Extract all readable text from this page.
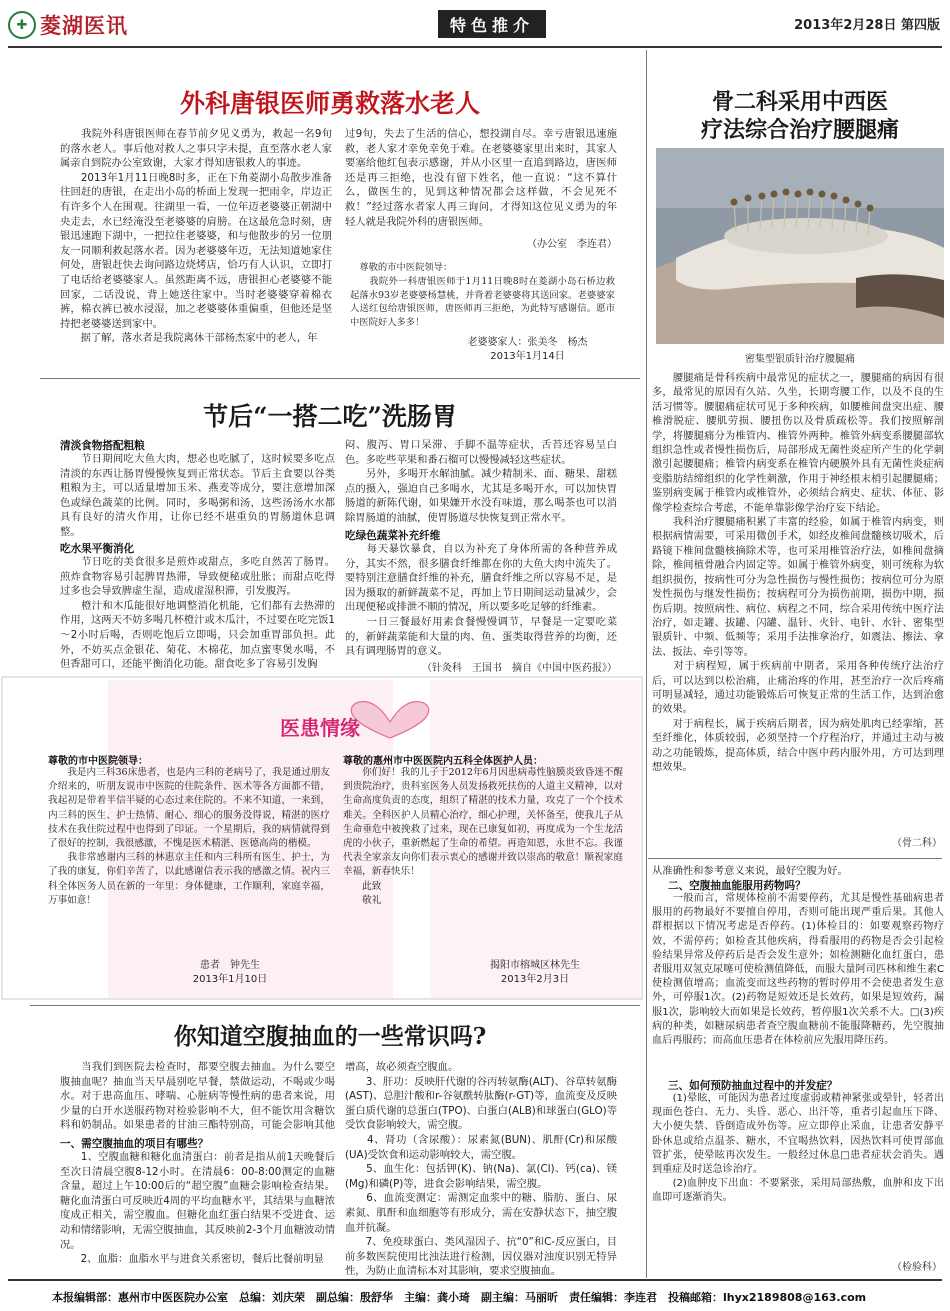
✚ 菱湖医讯	特色推介	2013年2月28日 第四版
外科唐银医师勇救落水老人
　　我院外科唐银医师在春节前夕见义勇为，救起一名9旬的落水老人。事后他对救人之事只字未提，直至落水老人家属亲自到院办公室致谢，大家才得知唐银救人的事迹。
　　2013年1月11日晚8时多，正在下角菱湖小岛散步准备往回赶的唐银，在走出小岛的桥面上发现一把雨伞，岸边正有许多个人在围观。往湖里一看，一位年迈老婆婆正朝湖中央走去，水已经淹没至老婆婆的肩膀。在这最危急时刻，唐银迅速跑下湖中，一把拉住老婆婆，和与他散步的另一位朋友一同顺利救起落水者。因为老婆婆年迈，无法知道她家住何处，唐银赶快去询问路边烧烤店，恰巧有人认识，立即打了电话给老婆婆家人。虽然距离不远，唐银担心老婆婆不能回家，二话没说，背上她送往家中。当时老婆婆穿着棉衣裤，棉衣裤已被水浸湿，加之老婆婆体重偏重，但他还是坚持把老婆婆送到家中。
　　据了解，落水者是我院离休干部杨杰家中的老人，年
过9旬，失去了生活的信心，想投湖自尽。幸亏唐银迅速施救，老人家才幸免幸免于难。在老婆婆家里出来时，其家人要塞给他红包表示感谢，并从小区里一直追到路边，唐医师还是再三拒绝，也没有留下姓名，他一直说：“这不算什么，做医生的，见到这种情况都会这样做，不会见死不救！”经过落水者家人再三询问，才得知这位见义勇为的年轻人就是我院外科的唐银医师。
（办公室　李连君）
　尊敬的市中医院领导：
　　我院外一科唐银医师于1月11日晚8时在菱湖小岛石桥边救起落水93岁老婆婆杨慧桃，并背着老婆婆将其送回家。老婆婆家人送红包给唐银医师，唐医师再三拒绝，为此特写感谢信。愿市中医院好人多多！
老婆婆家人：张美冬　杨杰
2013年1月14日
节后“一搭二吃”洗肠胃
清淡食物搭配粗粮
　　节日期间吃大鱼大肉，想必也吃腻了，这时候要多吃点清淡的东西让肠胃慢慢恢复到正常状态。节后主食要以谷类粗粮为主，可以适量增加玉米、燕麦等成分，要注意增加深色或绿色蔬菜的比例。同时，多喝粥和汤，这些汤汤水水都具有良好的清火作用，让你已经不堪重负的胃肠道休息调整。
吃水果平衡消化
　　节日吃的美食很多是煎炸或甜点，多吃自然苦了肠胃。煎炸食物容易引起脾胃热滞，导致便秘或肚胀；而甜点吃得过多也会导致脾虚生湿，造成虚湿积滞，引发腹泻。
　　橙汁和木瓜能很好地调整消化机能，它们都有去热滞的作用，这两天不妨多喝几杯橙汁或木瓜汁，不过要在吃完饭1～2小时后喝，否则吃饱后立即喝，只会加重胃部负担。此外，不妨买点金银花、菊花、木棉花，加点蜜枣煲水喝，不但香甜可口，还能平衡消化功能。甜食吃多了容易引发胸
闷、腹泻、胃口呆滞、手脚不温等症状，舌苔还容易呈白色。多吃些苹果和番石榴可以慢慢减轻这些症状。
　　另外，多喝开水解油腻。减少精制米、面、糖果、甜糕点的摄入，强迫自己多喝水，尤其是多喝开水，可以加快胃肠道的新陈代谢，如果嫌开水没有味道，那么喝茶也可以消除胃肠道的油腻，使胃肠道尽快恢复到正常水平。
吃绿色蔬菜补充纤维
　　每天暴饮暴食，自以为补充了身体所需的各种营养成分，其实不然，很多膳食纤维都在你的大鱼大肉中流失了。要特别注意膳食纤维的补充，膳食纤维之所以容易不足，是因为摄取的新鲜蔬菜不足，再加上节日期间运动量减少，会出现便秘或排泄不顺的情况，所以要多吃足够的纤维素。
　　一日三餐最好用素食餐慢慢调节，早餐是一定要吃菜的，新鲜蔬菜能和大量的肉、鱼、蛋类取得营养的均衡，还具有调理肠胃的意义。
（针灸科　王国书　摘自《中国中医药报》）
医患情缘
尊敬的市中医院领导：
　　我是内三科36床患者，也是内三科的老病号了，我是通过朋友介绍来的，听朋友说市中医院的住院条件、医术等各方面都不错，我起初是带着半信半疑的心态过来住院的。不来不知道，一来到，内三科的医生、护士热情、耐心、细心的服务没得说，精湛的医疗技术在我住院过程中也得到了印证。一个星期后，我的病情就得到了很好的控制，我很感激，不愧是医术精湛、医德高尚的楷模。
　　我非常感谢内三科的林惠京主任和内三科所有医生、护士，为了我的康复，你们辛苦了，以此感谢信表示我的感激之情。祝内三科全体医务人员在新的一年里：身体健康，工作顺利，家庭幸福，万事如意！
患者　钟先生
2013年1月10日
尊敬的惠州市中医医院内五科全体医护人员：
　　你们好！我的儿子于2012年6月因患病毒性脑膜炎致昏迷不醒到贵院治疗，贵科室医务人员发扬救死扶伤的人道主义精神，以对生命高度负责的态度，组织了精湛的技术力量，攻克了一个个技术难关。全科医护人员精心治疗，细心护理，关怀备至，使我儿子从生命垂危中被挽救了过来，现在已康复如初，再度成为一个生龙活虎的小伙子，重新燃起了生命的希望。再造知恩，永世不忘。我谨代表全家亲友向你们表示衷心的感谢并致以崇高的敬意！顺祝家庭幸福，新春快乐！
　　此致
　　敬礼
揭阳市榕城区林先生
2013年2月3日
你知道空腹抽血的一些常识吗?
　　当我们到医院去检查时，都要空腹去抽血。为什么要空腹抽血呢？抽血当天早晨别吃早餐，禁做运动，不喝或少喝水。对于患高血压、哮喘、心脏病等慢性病的患者来说，用少量的白开水送服药物对检验影响不大，但不能饮用含糖饮料和奶制品。如果患者的甘油三酯特别高，可能会影响其他
一、需空腹抽血的项目有哪些？
　　1、空腹血糖和糖化血清蛋白：前者是指从前1天晚餐后至次日清晨空腹8-12小时。在清晨6：00-8:00测定的血糖含量，超过上午10:00后的“超空腹”血糖会影响检查结果。糖化血清蛋白可反映近4周的平均血糖水平，其结果与血糖浓度成正相关，需空腹血。但糖化血红蛋白结果不受进食、运动和情绪影响，无需空腹抽血，其反映前2-3个月血糖波动情况。
　　2、血脂：血脂水平与进食关系密切，餐后比餐前明显
增高，故必须查空腹血。
　　3、肝功：反映肝代谢的谷丙转氨酶(ALT)、谷草转氨酶(AST)、总胆汁酸和r-谷氨酰转肽酶(r-GT)等，血流变及反映蛋白质代谢的总蛋白(TPO)、白蛋白(ALB)和球蛋白(GLO)等受饮食影响较大，需空腹。
　　4、肾功（含尿酸）：尿素氮(BUN)、肌酐(Cr)和尿酸(UA)受饮食和运动影响较大，需空腹。
　　5、血生化：包括钾(K)、钠(Na)、氯(Cl)、钙(ca)、镁(Mg)和磷(P)等，进食会影响结果，需空腹。
　　6、血流变测定：需测定血浆中的糖、脂肪、蛋白、尿素氮、肌酐和血细胞等有形成分，需在安静状态下，抽空腹血并抗凝。
　　7、免疫球蛋白、类风湿因子、抗“0”和C-反应蛋白，目前多数医院使用比浊法进行检测，因仪器对浊度识别无特异性，为防止血清标本对其影响，要求空腹抽血。

骨二科采用中西医
疗法综合治疗腰腿痛
密集型银质针治疗腰腿痛
　　腰腿痛是骨科疾病中最常见的症状之一，腰腿痛的病因有很多，最常见的原因有久站、久坐，长期弯腰工作，以及不良的生活习惯等。腰腿痛症状可见于多种疾病，如腰椎间盘突出症、腰椎滑脱症、腰肌劳损、腰扭伤以及骨质疏松等。我们按照解剖学，将腰腿痛分为椎管内、椎管外两种。椎管外病变系腰腿部软组织急性或者慢性损伤后，局部形成无菌性炎症所产生的化学刺激引起腰腿痛；椎管内病变系在椎管内硬膜外具有无菌性炎症病变脂肪结缔组织的化学性刺激，作用于神经根末梢引起腰腿痛；鉴别病变属于椎管内或椎管外，必须结合病史、症状、体征、影像学检查综合考虑，不能单靠影像学治疗妄下结论。
　　我科治疗腰腿痛积累了丰富的经验，如属于椎管内病变，则根据病情需要，可采用微创手术，如经皮椎间盘髓核切吸术，后路镜下椎间盘髓核摘除术等，也可采用椎管治疗法，如椎间盘摘除，椎间植骨融合内固定等。如属于椎管外病变，则可统称为软组织损伤，按病性可分为急性损伤与慢性损伤；按病位可分为原发性损伤与继发性损伤；按病程可分为损伤前期，损伤中期，损伤后期。按照病性、病位、病程之不同，综合采用传统中医疗法治疗，如走罐、拔罐、闪罐、温针、火针、电针、水针、密集型银质针、中频、低频等；采用手法推拿治疗，如震法、擦法、拿法、扳法、牵引等等。
　　对于病程短，属于疾病前中期者，采用各种传统疗法治疗后，可以达到以松治痛，止痛治疼的作用，甚至治疗一次后疼痛可明显减轻，通过功能锻炼后可恢复正常的生活工作，达到治愈的效果。
　　对于病程长，属于疾病后期者，因为病处肌肉已经挛缩，甚至纤维化，体质较弱，必须坚持一个疗程治疗，并通过主动与被动之功能锻炼，提高体质，结合中医中药内服外用，方可达到理想效果。
（骨二科）
从准确性和参考意义来说，最好空腹为好。
二、空腹抽血能服用药物吗？
　　一般而言，常规体检前不需要停药，尤其是慢性基础病患者服用的药物最好不要擅自停用，否则可能出现严重后果。其他人群根据以下情况考虑是否停药。(1)体检目的：如要观察药物疗效，不需停药；如检查其他疾病，得看服用的药物是否会引起检验结果异常及停药后是否会发生意外；如检测糖化血红蛋白，患者服用双氢克尿噻可使检测值降低，而服大量阿司匹林和维生素C使检测值增高；血流变而这些药物的暂时停用不会使患者发生意外，可停服1次。(2)药物是短效还是长效药，如果是短效药，漏服1次，影响较大而如果是长效药，暂停服1次关系不大。□(3)疾病的种类，如糖尿病患者查空腹血糖前不能服降糖药，先空腹抽血后再服药；而高血压患者在体检前应先服用降压药。
三、如何预防抽血过程中的并发症？
　　(1)晕眩，可能因为患者过度虚弱或精神紧张或晕针，轻者出现面色苍白、无力、头昏、恶心、出汗等，重者引起血压下降、大小便失禁、昏倒造成外伤等。应立即停止采血，让患者安静平卧休息或给点温茶、糖水，不宜喝热饮料，因热饮料可使胃部血管扩张，使晕眩再次发生。一般经过休息□患者症状会消失。遇到重症及时送急诊治疗。
　　(2)血肿皮下出血：不要紧张，采用局部热敷，血肿和皮下出血即可逐渐消失。
（检验科）
本报编辑部：惠州市中医医院办公室　总编：刘庆荣　副总编：殷舒华　主编：龚小琦　副主编：马丽昕　责任编辑：李连君　投稿邮箱：lhyx2189808@163.com
